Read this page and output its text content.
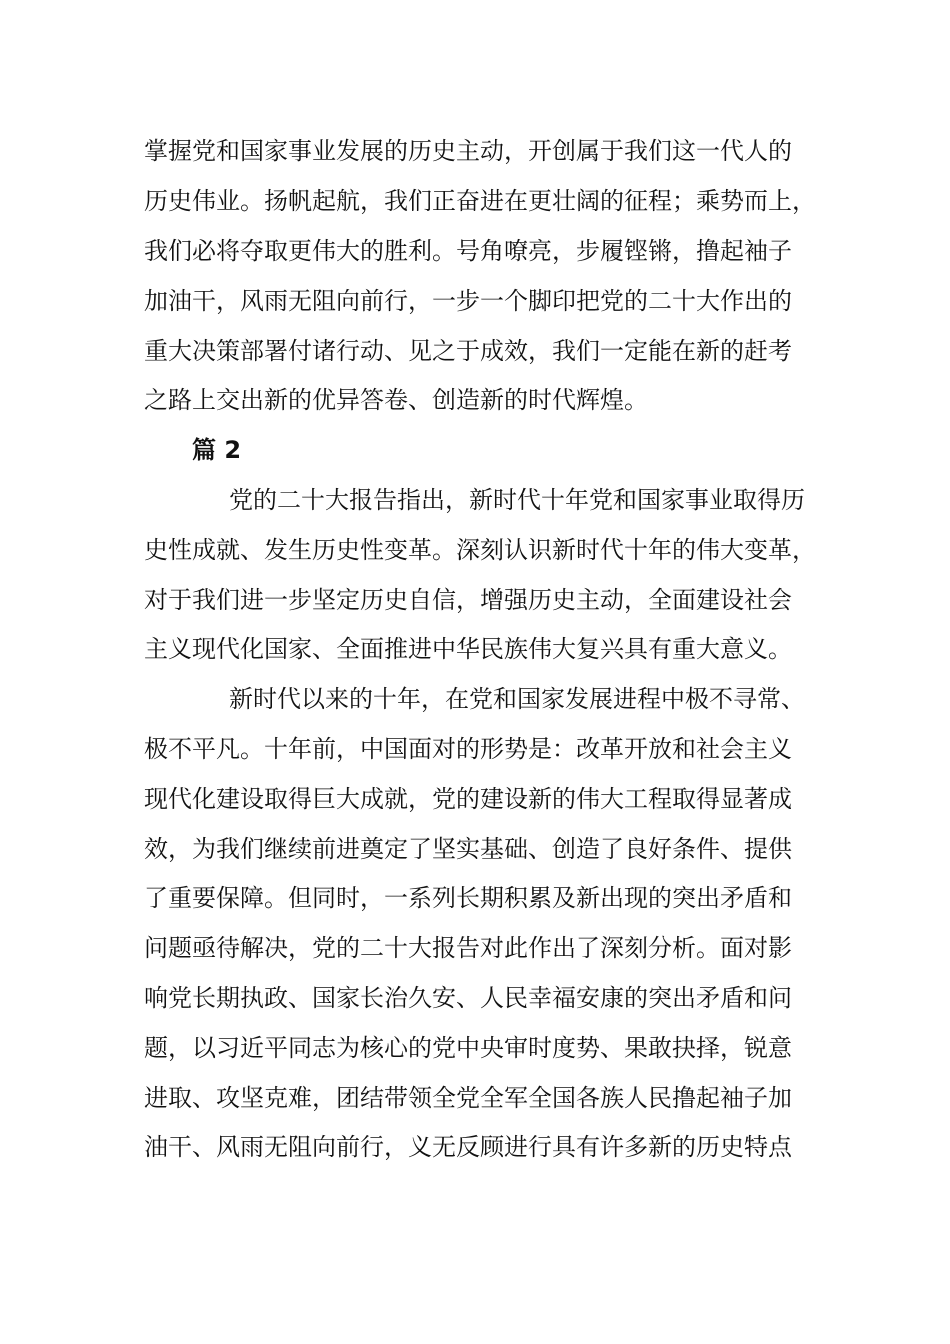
掌握党和国家事业发展的历史主动，开创属于我们这一代人的
历史伟业。扬帆起航，我们正奋进在更壮阔的征程；乘势而上，
我们必将夺取更伟大的胜利。号角嘹亮，步履铿锵，撸起袖子
加油干，风雨无阻向前行，一步一个脚印把党的二十大作出的
重大决策部署付诸行动、见之于成效，我们一定能在新的赶考
之路上交出新的优异答卷、创造新的时代辉煌。
篇 2
党的二十大报告指出，新时代十年党和国家事业取得历
史性成就、发生历史性变革。深刻认识新时代十年的伟大变革，
对于我们进一步坚定历史自信，增强历史主动，全面建设社会
主义现代化国家、全面推进中华民族伟大复兴具有重大意义。
新时代以来的十年，在党和国家发展进程中极不寻常、
极不平凡。十年前，中国面对的形势是：改革开放和社会主义
现代化建设取得巨大成就，党的建设新的伟大工程取得显著成
效，为我们继续前进奠定了坚实基础、创造了良好条件、提供
了重要保障。但同时，一系列长期积累及新出现的突出矛盾和
问题亟待解决，党的二十大报告对此作出了深刻分析。面对影
响党长期执政、国家长治久安、人民幸福安康的突出矛盾和问
题，以习近平同志为核心的党中央审时度势、果敢抉择，锐意
进取、攻坚克难，团结带领全党全军全国各族人民撸起袖子加
油干、风雨无阻向前行，义无反顾进行具有许多新的历史特点
